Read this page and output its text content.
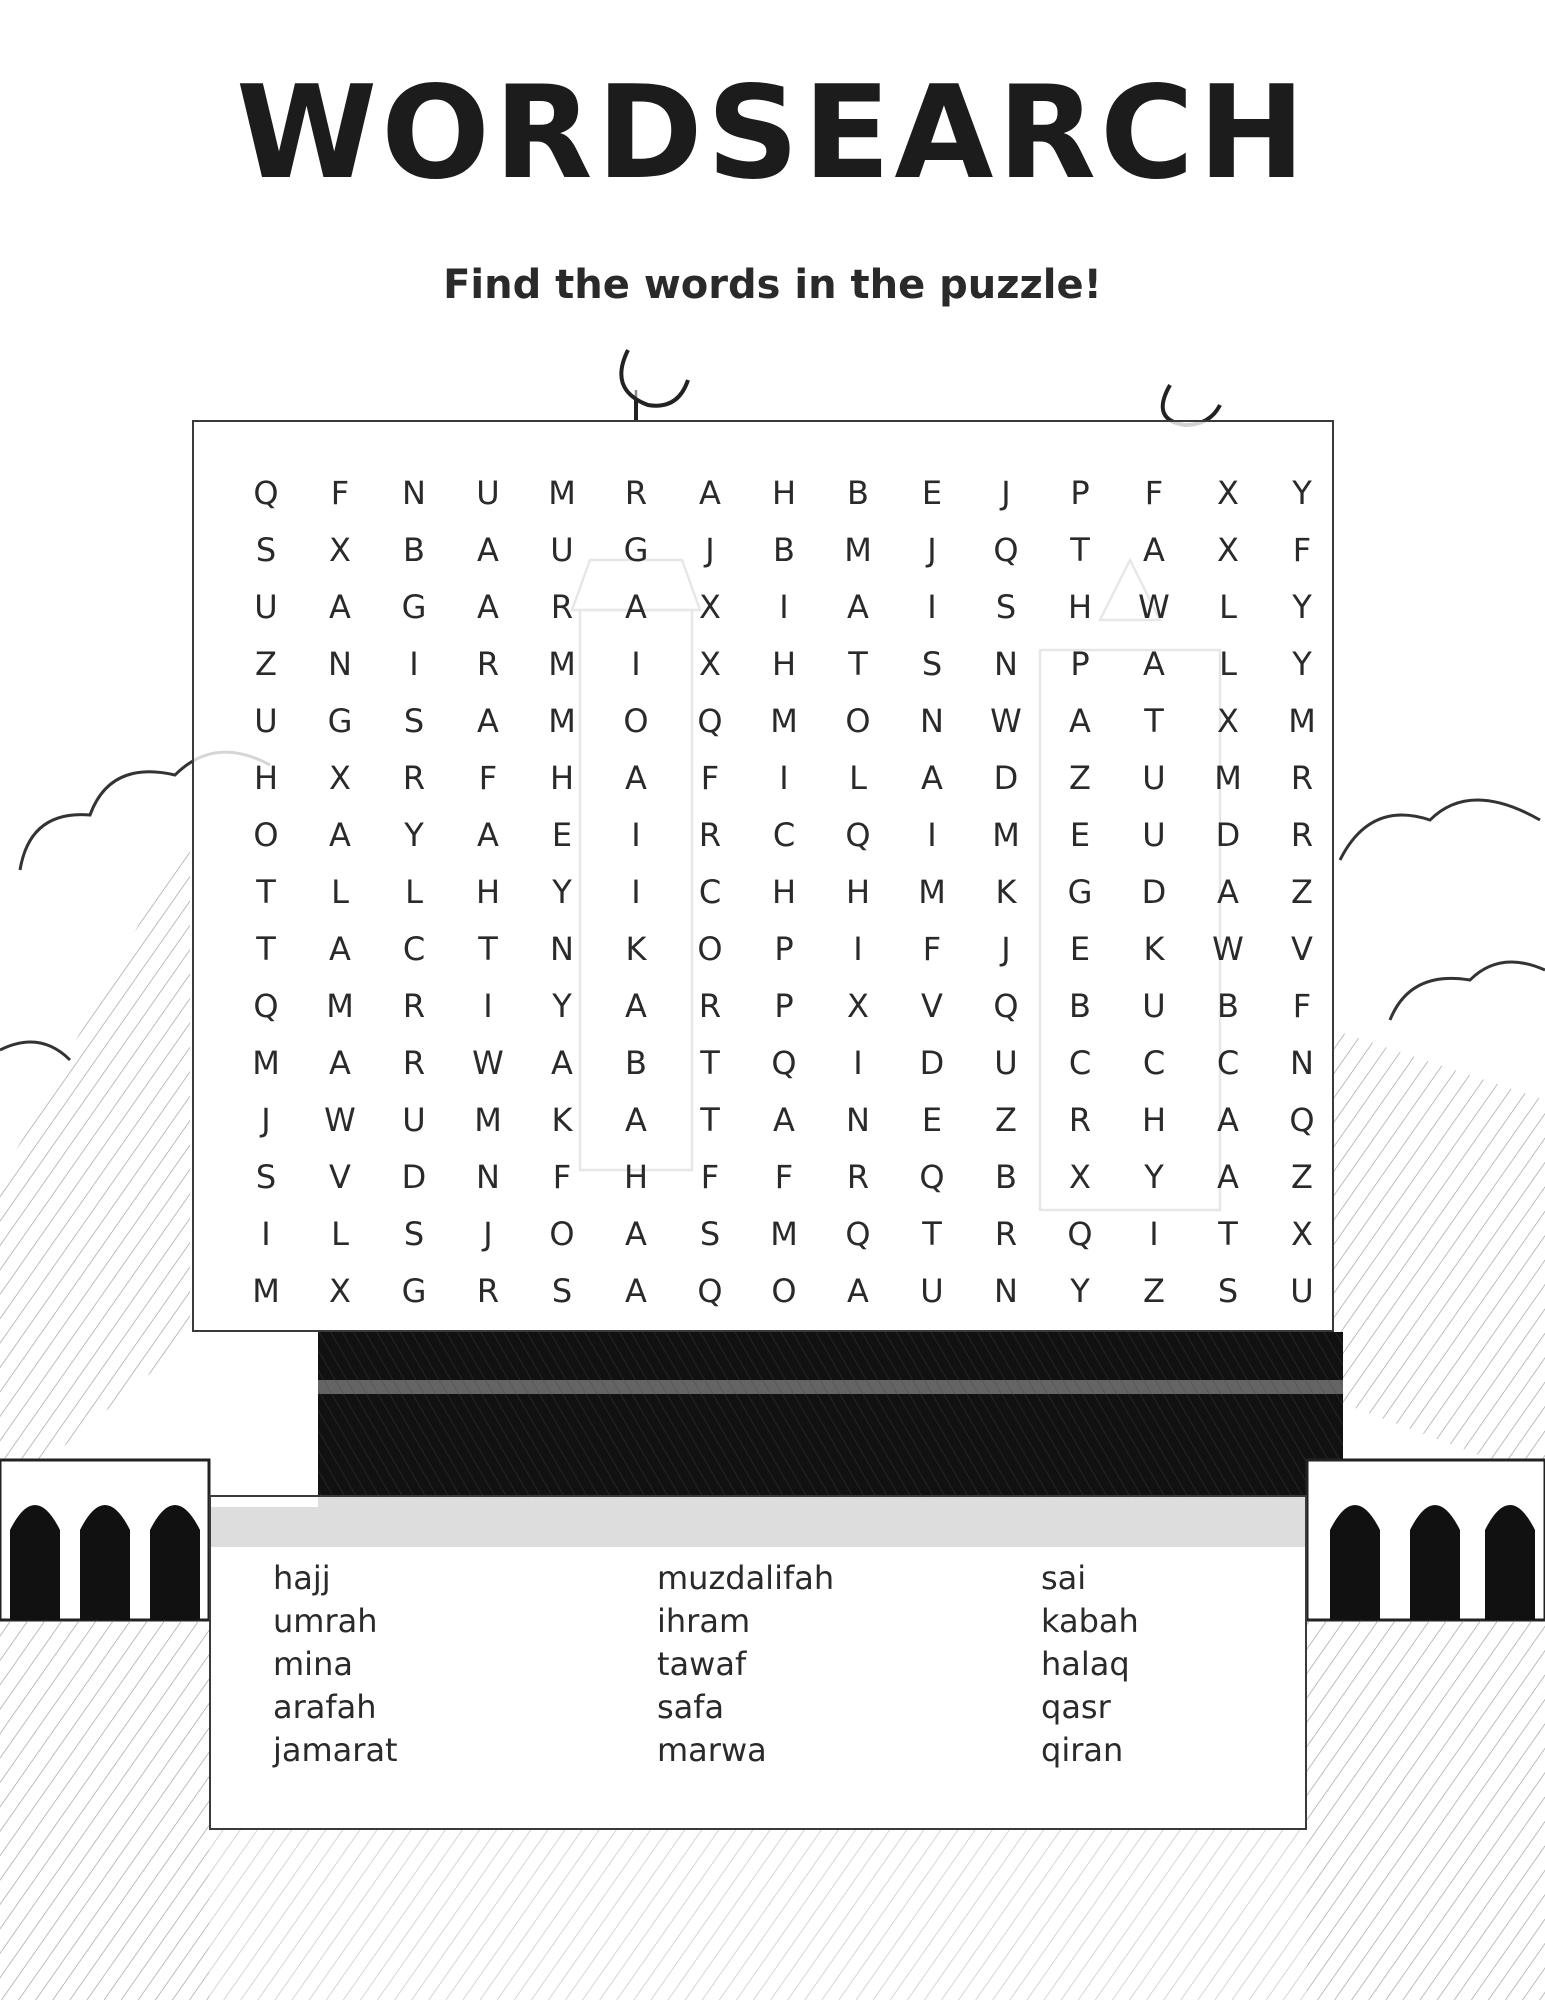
WORDSEARCH
Find the words in the puzzle!
Q	F	N	U	M	R	A	H	B	E	J	P	F	X	Y
S	X	B	A	U	G	J	B	M	J	Q	T	A	X	F
U	A	G	A	R	A	X	I	A	I	S	H	W	L	Y
Z	N	I	R	M	I	X	H	T	S	N	P	A	L	Y
U	G	S	A	M	O	Q	M	O	N	W	A	T	X	M
H	X	R	F	H	A	F	I	L	A	D	Z	U	M	R
O	A	Y	A	E	I	R	C	Q	I	M	E	U	D	R
T	L	L	H	Y	I	C	H	H	M	K	G	D	A	Z
T	A	C	T	N	K	O	P	I	F	J	E	K	W	V
Q	M	R	I	Y	A	R	P	X	V	Q	B	U	B	F
M	A	R	W	A	B	T	Q	I	D	U	C	C	C	N
J	W	U	M	K	A	T	A	N	E	Z	R	H	A	Q
S	V	D	N	F	H	F	F	R	Q	B	X	Y	A	Z
I	L	S	J	O	A	S	M	Q	T	R	Q	I	T	X
M	X	G	R	S	A	Q	O	A	U	N	Y	Z	S	U
hajj
umrah
mina
arafah
jamarat
muzdalifah
ihram
tawaf
safa
marwa
sai
kabah
halaq
qasr
qiran
